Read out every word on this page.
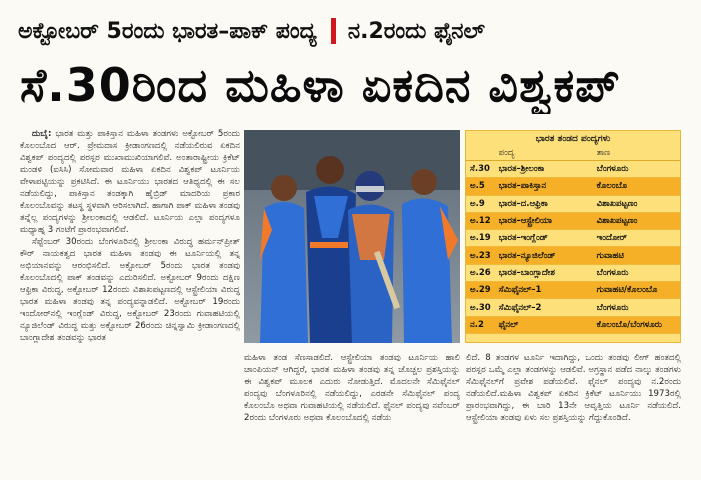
ಅಕ್ಟೋಬರ್ 5ರಂದು ಭಾರತ–ಪಾಕ್ ಪಂದ್ಯ ನ.2ರಂದು ಫೈನಲ್
ಸೆ.30ರಿಂದ ಮಹಿಳಾ ಏಕದಿನ ವಿಶ್ವಕಪ್

ದುಬೈ: ಭಾರತ ಮತ್ತು ಪಾಕಿಸ್ತಾನ ಮಹಿಳಾ ತಂಡಗಳು ಅಕ್ಟೋಬರ್ 5ರಂದು ಕೊಲಂಬೊದ ಆರ್. ಪ್ರೇಮದಾಸ ಕ್ರೀಡಾಂಗಣದಲ್ಲಿ ನಡೆಯಲಿರುವ ಏಕದಿನ ವಿಶ್ವಕಪ್ ಪಂದ್ಯದಲ್ಲಿ ಪರಸ್ಪರ ಮುಖಾಮುಖಿಯಾಗಲಿವೆ. ಅಂತಾರಾಷ್ಟ್ರೀಯ ಕ್ರಿಕೆಟ್ ಮಂಡಳಿ (ಐಸಿಸಿ) ಸೋಮವಾರ ಮಹಿಳಾ ಏಕದಿನ ವಿಶ್ವಕಪ್ ಟೂರ್ನಿಯ ವೇಳಾಪಟ್ಟಿಯನ್ನು ಪ್ರಕಟಿಸಿದೆ. ಈ ಟೂರ್ನಿಯು ಭಾರತದ ಆತಿಥ್ಯದಲ್ಲಿ ಈ ಸಲ ನಡೆಯಲಿದ್ದು, ಪಾಕಿಸ್ತಾನ ತಂಡಕ್ಕಾಗಿ ಹೈಬ್ರಿಡ್ ಮಾದರಿಯ ಪ್ರಕಾರ ಕೊಲಂಬೊವನ್ನು ತಟಸ್ಥ ಸ್ಥಳವಾಗಿ ಆರಿಸಲಾಗಿದೆ. ಹಾಗಾಗಿ ಪಾಕ್ ಮಹಿಳಾ ತಂಡವು ತನ್ನೆಲ್ಲ ಪಂದ್ಯಗಳನ್ನು ಶ್ರೀಲಂಕಾದಲ್ಲಿ ಆಡಲಿದೆ. ಟೂರ್ನಿಯ ಎಲ್ಲಾ ಪಂದ್ಯಗಳೂ ಮಧ್ಯಾಹ್ನ 3 ಗಂಟೆಗೆ ಪ್ರಾರಂಭವಾಗಲಿವೆ.

ಸೆಪ್ಟೆಂಬರ್ 30ರಂದು ಬೆಂಗಳೂರಿನಲ್ಲಿ ಶ್ರೀಲಂಕಾ ವಿರುದ್ಧ ಹರ್ಮನ್‌ಪ್ರೀತ್ ಕೌರ್ ನಾಯಕತ್ವದ ಭಾರತ ಮಹಿಳಾ ತಂಡವು ಈ ಟೂರ್ನಿಯಲ್ಲಿ ತನ್ನ ಅಭಿಯಾನವನ್ನು ಆರಂಭಿಸಲಿದೆ. ಅಕ್ಟೋಬರ್ 5ರಂದು ಭಾರತ ತಂಡವು ಕೊಲಂಬೊದಲ್ಲಿ ಪಾಕ್ ತಂಡವನ್ನು ಎದುರಿಸಲಿದೆ. ಅಕ್ಟೋಬರ್ 9ರಂದು ದಕ್ಷಿಣ ಆಫ್ರಿಕಾ ವಿರುದ್ಧ, ಅಕ್ಟೋಬರ್ 12ರಂದು ವಿಶಾಖಪಟ್ಟಣದಲ್ಲಿ ಆಸ್ಟ್ರೇಲಿಯಾ ವಿರುದ್ಧ ಭಾರತ ಮಹಿಳಾ ತಂಡವು ತನ್ನ ಪಂದ್ಯವನ್ನಾಡಲಿದೆ. ಅಕ್ಟೋಬರ್ 19ರಂದು ಇಂದೋರ್‌ನಲ್ಲಿ ಇಂಗ್ಲೆಂಡ್ ವಿರುದ್ಧ, ಅಕ್ಟೋಬರ್ 23ರಂದು ಗುವಾಹಟಿಯಲ್ಲಿ ನ್ಯೂಜಿಲೆಂಡ್ ವಿರುದ್ಧ ಮತ್ತು ಅಕ್ಟೋಬರ್ 26ರಂದು ಚಿನ್ನಸ್ವಾಮಿ ಕ್ರೀಡಾಂಗಣದಲ್ಲಿ ಬಾಂಗ್ಲಾದೇಶ ತಂಡವನ್ನು ಭಾರತ

ಭಾರತ ತಂಡದ ಪಂದ್ಯಗಳು
	ಪಂದ್ಯ	ತಾಣ
ಸೆ.30	ಭಾರತ–ಶ್ರೀಲಂಕಾ	ಬೆಂಗಳೂರು
ಅ.5	ಭಾರತ–ಪಾಕಿಸ್ತಾನ	ಕೊಲಂಬೊ
ಅ.9	ಭಾರತ–ದ.ಆಫ್ರಿಕಾ	ವಿಶಾಖಪಟ್ಟಣಂ
ಅ.12	ಭಾರತ–ಆಸ್ಟ್ರೇಲಿಯಾ	ವಿಶಾಖಪಟ್ಟಣಂ
ಅ.19	ಭಾರತ–ಇಂಗ್ಲೆಂಡ್	ಇಂದೋರ್
ಅ.23	ಭಾರತ–ನ್ಯೂಜಿಲೆಂಡ್	ಗುವಾಹಟಿ
ಅ.26	ಭಾರತ–ಬಾಂಗ್ಲಾದೇಶ	ಬೆಂಗಳೂರು
ಅ.29	ಸೆಮಿಫೈನಲ್–1	ಗುವಾಹಟಿ/ಕೊಲಂಬೊ
ಅ.30	ಸೆಮಿಫೈನಲ್–2	ಬೆಂಗಳೂರು
ನ.2	ಫೈನಲ್	ಕೊಲಂಬೊ/ಬೆಂಗಳೂರು
ಮಹಿಳಾ ತಂಡ ಸೆಣಸಾಡಲಿದೆ. ಆಸ್ಟ್ರೇಲಿಯಾ ತಂಡವು ಟೂರ್ನಿಯ ಹಾಲಿ ಚಾಂಪಿಯನ್ ಆಗಿದ್ದರೆ, ಭಾರತ ಮಹಿಳಾ ತಂಡವು ತನ್ನ ಚೊಚ್ಚಲ ಪ್ರಶಸ್ತಿಯನ್ನು ಈ ವಿಶ್ವಕಪ್ ಮೂಲಕ ಎದುರು ನೋಡುತ್ತಿದೆ. ಮೊದಲನೇ ಸೆಮಿಫೈನಲ್ ಪಂದ್ಯವು ಬೆಂಗಳೂರಿನಲ್ಲಿ ನಡೆಯಲಿದ್ದು, ಎರಡನೇ ಸೆಮಿಫೈನಲ್ ಪಂದ್ಯ ಕೊಲಂಬೊ ಅಥವಾ ಗುವಾಹಟಿಯಲ್ಲಿ ನಡೆಯಲಿದೆ. ಫೈನಲ್ ಪಂದ್ಯವು ನವೆಂಬರ್ 2ರಂದು ಬೆಂಗಳೂರು ಅಥವಾ ಕೊಲಂಬೊದಲ್ಲಿ ನಡೆಯ
ಲಿದೆ. 8 ತಂಡಗಳ ಟೂರ್ನಿ ಇದಾಗಿದ್ದು, ಒಂದು ತಂಡವು ಲೀಗ್ ಹಂತದಲ್ಲಿ ಪರಸ್ಪರ ಒಮ್ಮೆ ಎಲ್ಲಾ ತಂಡಗಳನ್ನು ಆಡಲಿವೆ. ಅಗ್ರಸ್ಥಾನ ಪಡೆದ ನಾಲ್ಕು ತಂಡಗಳು ಸೆಮಿಫೈನಲ್‌ಗೆ ಪ್ರವೇಶ ಪಡೆಯಲಿವೆ. ಫೈನಲ್ ಪಂದ್ಯವು ನ.2ರಂದು ನಡೆಯಲಿದೆ.ಮಹಿಳಾ ವಿಶ್ವಕಪ್ ಏಕದಿನ ಕ್ರಿಕೆಟ್ ಟೂರ್ನಿಯು 1973ರಲ್ಲಿ ಪ್ರಾರಂಭವಾಗಿದ್ದು, ಈ ಬಾರಿ 13ನೇ ಆವೃತ್ತಿಯ ಟೂರ್ನಿ ನಡೆಯಲಿದೆ. ಆಸ್ಟ್ರೇಲಿಯಾ ತಂಡವು ಏಳು ಸಲ ಪ್ರಶಸ್ತಿಯನ್ನು ಗೆದ್ದುಕೊಂಡಿದೆ.
